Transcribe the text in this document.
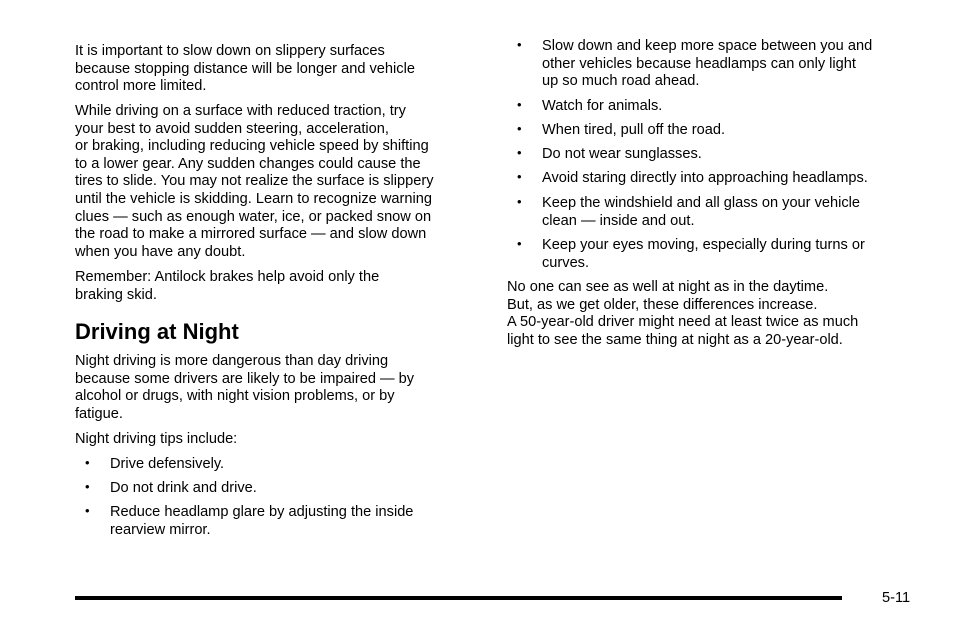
It is important to slow down on slippery surfaces
because stopping distance will be longer and vehicle
control more limited.

While driving on a surface with reduced traction, try
your best to avoid sudden steering, acceleration,
or braking, including reducing vehicle speed by shifting
to a lower gear. Any sudden changes could cause the
tires to slide. You may not realize the surface is slippery
until the vehicle is skidding. Learn to recognize warning
clues — such as enough water, ice, or packed snow on
the road to make a mirrored surface — and slow down
when you have any doubt.

Remember: Antilock brakes help avoid only the
braking skid.

Driving at Night

Night driving is more dangerous than day driving
because some drivers are likely to be impaired — by
alcohol or drugs, with night vision problems, or by
fatigue.

Night driving tips include:

• Drive defensively.
• Do not drink and drive.
• Reduce headlamp glare by adjusting the inside
rearview mirror.
• Slow down and keep more space between you and
other vehicles because headlamps can only light
up so much road ahead.
• Watch for animals.
• When tired, pull off the road.
• Do not wear sunglasses.
• Avoid staring directly into approaching headlamps.
• Keep the windshield and all glass on your vehicle
clean — inside and out.
• Keep your eyes moving, especially during turns or
curves.

No one can see as well at night as in the daytime.
But, as we get older, these differences increase.
A 50-year-old driver might need at least twice as much
light to see the same thing at night as a 20-year-old.

5-11
